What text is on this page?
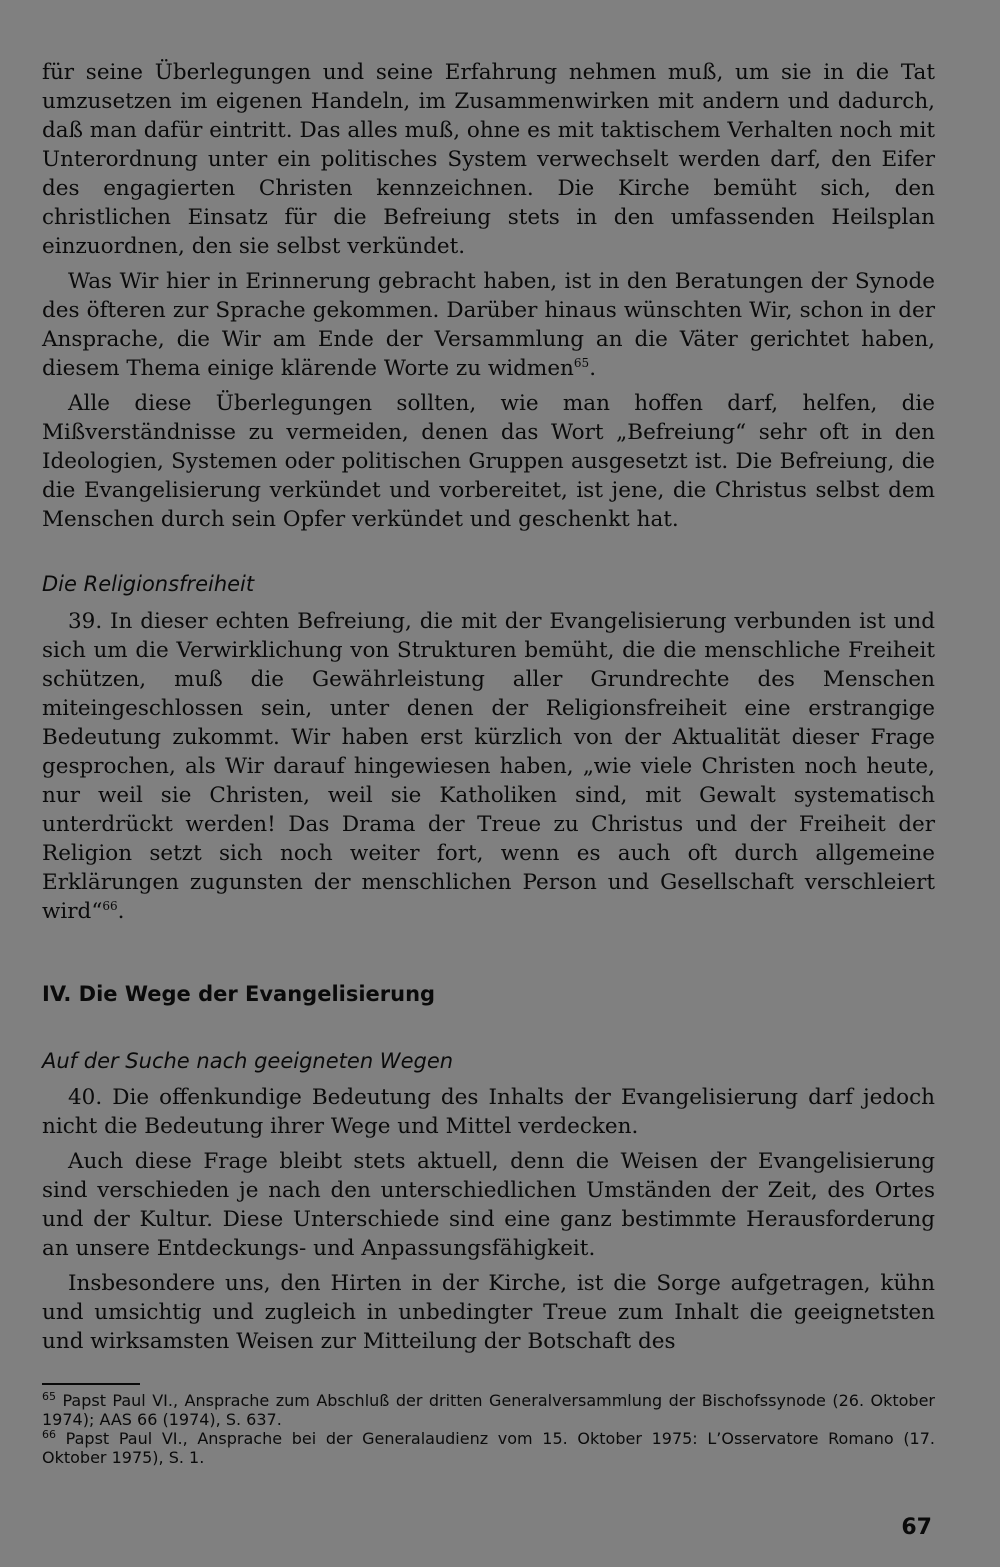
für seine Überlegungen und seine Erfahrung nehmen muß, um sie in die Tat umzusetzen im eigenen Handeln, im Zusammenwirken mit andern und dadurch, daß man dafür eintritt. Das alles muß, ohne es mit taktischem Verhalten noch mit Unterordnung unter ein politisches System verwechselt werden darf, den Eifer des engagierten Christen kennzeichnen. Die Kirche bemüht sich, den christlichen Einsatz für die Befreiung stets in den umfassenden Heilsplan einzuordnen, den sie selbst verkündet.

Was Wir hier in Erinnerung gebracht haben, ist in den Beratungen der Synode des öfteren zur Sprache gekommen. Darüber hinaus wünschten Wir, schon in der Ansprache, die Wir am Ende der Versammlung an die Väter gerichtet haben, diesem Thema einige klärende Worte zu widmen$^{65}$.

Alle diese Überlegungen sollten, wie man hoffen darf, helfen, die Mißverständnisse zu vermeiden, denen das Wort „Befreiung“ sehr oft in den Ideologien, Systemen oder politischen Gruppen ausgesetzt ist. Die Befreiung, die die Evangelisierung verkündet und vorbereitet, ist jene, die Christus selbst dem Menschen durch sein Opfer verkündet und geschenkt hat.

Die Religionsfreiheit

39. In dieser echten Befreiung, die mit der Evangelisierung verbunden ist und sich um die Verwirklichung von Strukturen bemüht, die die menschliche Freiheit schützen, muß die Gewährleistung aller Grundrechte des Menschen miteingeschlossen sein, unter denen der Religionsfreiheit eine erstrangige Bedeutung zukommt. Wir haben erst kürzlich von der Aktualität dieser Frage gesprochen, als Wir darauf hingewiesen haben, „wie viele Christen noch heute, nur weil sie Christen, weil sie Katholiken sind, mit Gewalt systematisch unterdrückt werden! Das Drama der Treue zu Christus und der Freiheit der Religion setzt sich noch weiter fort, wenn es auch oft durch allgemeine Erklärungen zugunsten der menschlichen Person und Gesellschaft verschleiert wird“$^{66}$.

IV. Die Wege der Evangelisierung

Auf der Suche nach geeigneten Wegen

40. Die offenkundige Bedeutung des Inhalts der Evangelisierung darf jedoch nicht die Bedeutung ihrer Wege und Mittel verdecken.

Auch diese Frage bleibt stets aktuell, denn die Weisen der Evangelisierung sind verschieden je nach den unterschiedlichen Umständen der Zeit, des Ortes und der Kultur. Diese Unterschiede sind eine ganz bestimmte Herausforderung an unsere Entdeckungs- und Anpassungsfähigkeit.

Insbesondere uns, den Hirten in der Kirche, ist die Sorge aufgetragen, kühn und umsichtig und zugleich in unbedingter Treue zum Inhalt die geeignetsten und wirksamsten Weisen zur Mitteilung der Botschaft des

$^{65}$ Papst Paul VI., Ansprache zum Abschluß der dritten Generalversammlung der Bischofssynode (26. Oktober 1974); AAS 66 (1974), S. 637.

$^{66}$ Papst Paul VI., Ansprache bei der Generalaudienz vom 15. Oktober 1975: L’Osservatore Romano (17. Oktober 1975), S. 1.

67
